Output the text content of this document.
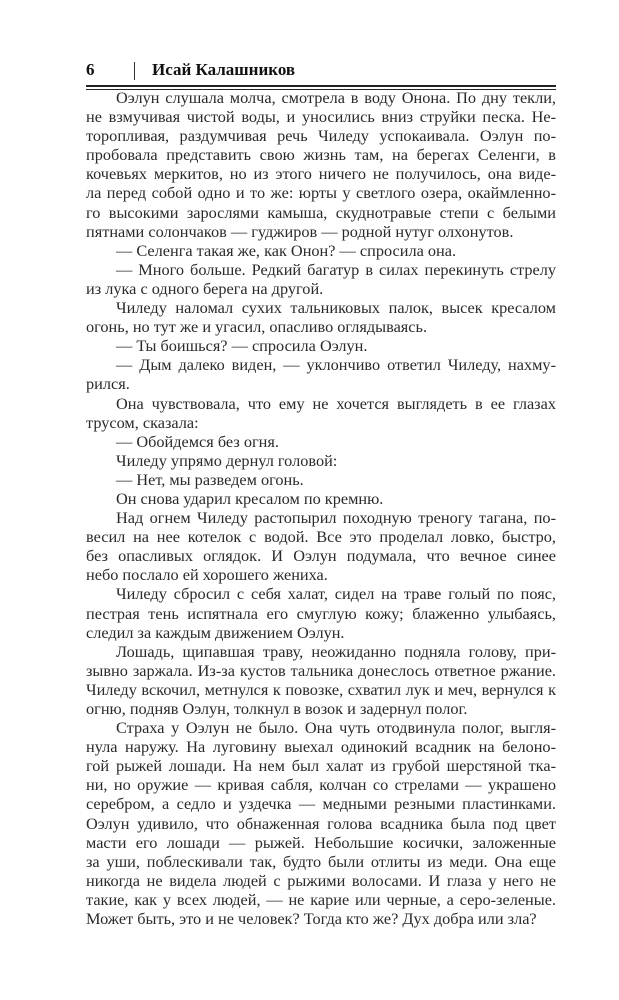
6	Исай Калашников
Оэлун слушала молча, смотрела в воду Онона. По дну текли,
не взмучивая чистой воды, и уносились вниз струйки песка. Не-
торопливая, раздумчивая речь Чиледу успокаивала. Оэлун по-
пробовала представить свою жизнь там, на берегах Селенги, в
кочевьях меркитов, но из этого ничего не получилось, она виде-
ла перед собой одно и то же: юрты у светлого озера, окаймленно-
го высокими зарослями камыша, скуднотравые степи с белыми
пятнами солончаков — гуджиров — родной нутуг олхонутов.
— Селенга такая же, как Онон? — спросила она.
— Много больше. Редкий багатур в силах перекинуть стрелу
из лука с одного берега на другой.
Чиледу наломал сухих тальниковых палок, высек кресалом
огонь, но тут же и угасил, опасливо оглядываясь.
— Ты боишься? — спросила Оэлун.
— Дым далеко виден, — уклончиво ответил Чиледу, нахму-
рился.
Она чувствовала, что ему не хочется выглядеть в ее глазах
трусом, сказала:
— Обойдемся без огня.
Чиледу упрямо дернул головой:
— Нет, мы разведем огонь.
Он снова ударил кресалом по кремню.
Над огнем Чиледу растопырил походную треногу тагана, по-
весил на нее котелок с водой. Все это проделал ловко, быстро,
без опасливых оглядок. И Оэлун подумала, что вечное синее
небо послало ей хорошего жениха.
Чиледу сбросил с себя халат, сидел на траве голый по пояс,
пестрая тень испятнала его смуглую кожу; блаженно улыбаясь,
следил за каждым движением Оэлун.
Лошадь, щипавшая траву, неожиданно подняла голову, при-
зывно заржала. Из-за кустов тальника донеслось ответное ржание.
Чиледу вскочил, метнулся к повозке, схватил лук и меч, вернулся к
огню, подняв Оэлун, толкнул в возок и задернул полог.
Страха у Оэлун не было. Она чуть отодвинула полог, выгля-
нула наружу. На луговину выехал одинокий всадник на белоно-
гой рыжей лошади. На нем был халат из грубой шерстяной тка-
ни, но оружие — кривая сабля, колчан со стрелами — украшено
серебром, а седло и уздечка — медными резными пластинками.
Оэлун удивило, что обнаженная голова всадника была под цвет
масти его лошади — рыжей. Небольшие косички, заложенные
за уши, поблескивали так, будто были отлиты из меди. Она еще
никогда не видела людей с рыжими волосами. И глаза у него не
такие, как у всех людей, — не карие или черные, а серо-зеленые.
Может быть, это и не человек? Тогда кто же? Дух добра или зла?
